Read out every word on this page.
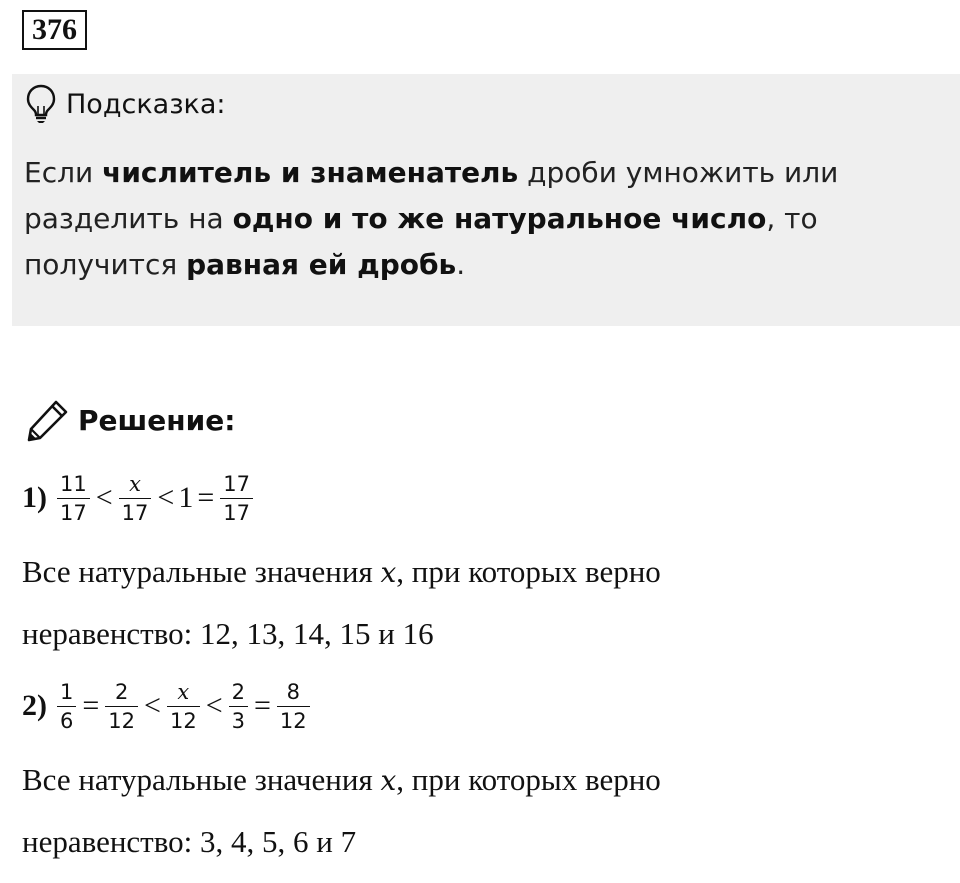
376
Подсказка:
Если числитель и знаменатель дроби умножить или разделить на одно и то же натуральное число, то получится равная ей дробь.
Решение:
$1) \frac{11}{17} < \frac{x}{17} < 1 = \frac{17}{17}$
Все натуральные значения x, при которых верно
неравенство: 12, 13, 14, 15 и 16
$2) \frac{1}{6} = \frac{2}{12} < \frac{x}{12} < \frac{2}{3} = \frac{8}{12}$
Все натуральные значения x, при которых верно
неравенство: 3, 4, 5, 6 и 7
